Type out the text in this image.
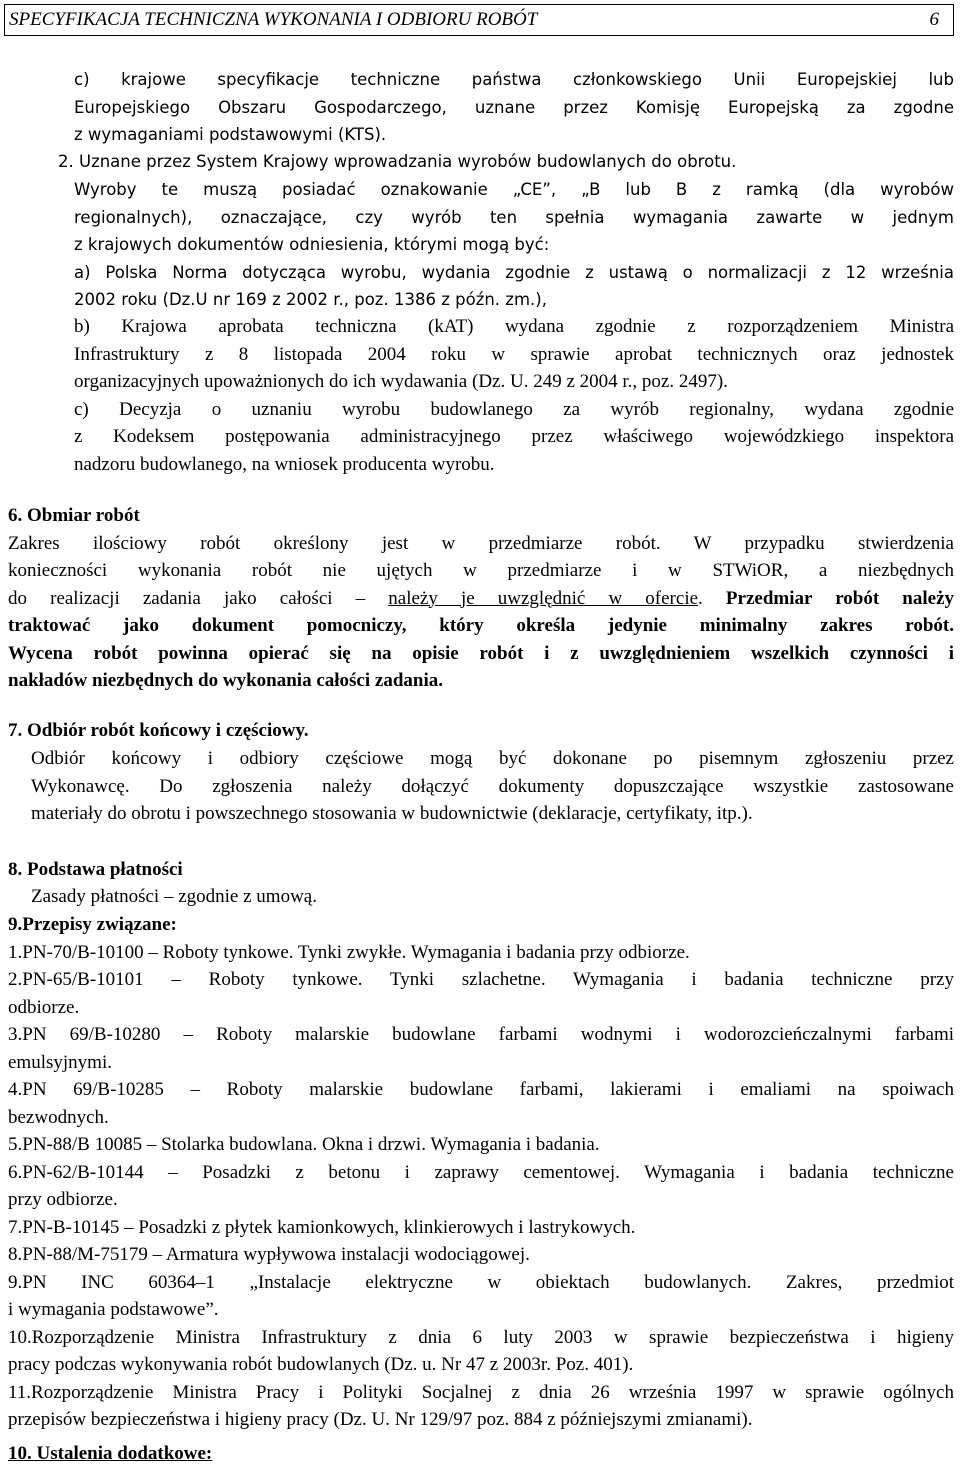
SPECYFIKACJA TECHNICZNA WYKONANIA I ODBIORU ROBÓT	6

c) krajowe specyfikacje techniczne państwa członkowskiego Unii Europejskiej lub

Europejskiego Obszaru Gospodarczego, uznane przez Komisję Europejską za zgodne

z wymaganiami podstawowymi (KTS).

2. Uznane przez System Krajowy wprowadzania wyrobów budowlanych do obrotu.

Wyroby te muszą posiadać oznakowanie „CE”, „B lub B z ramką (dla wyrobów

regionalnych), oznaczające, czy wyrób ten spełnia wymagania zawarte w jednym

z krajowych dokumentów odniesienia, którymi mogą być:

a) Polska Norma dotycząca wyrobu, wydania zgodnie z ustawą o normalizacji z 12 września

2002 roku (Dz.U nr 169 z 2002 r., poz. 1386 z późn. zm.),

b) Krajowa aprobata techniczna (kAT) wydana zgodnie z rozporządzeniem Ministra

Infrastruktury z 8 listopada 2004 roku w sprawie aprobat technicznych oraz jednostek

organizacyjnych upoważnionych do ich wydawania (Dz. U. 249 z 2004 r., poz. 2497).

c) Decyzja o uznaniu wyrobu budowlanego za wyrób regionalny, wydana zgodnie

z Kodeksem postępowania administracyjnego przez właściwego wojewódzkiego inspektora

nadzoru budowlanego, na wniosek producenta wyrobu.

6. Obmiar robót

Zakres ilościowy robót określony jest w przedmiarze robót. W przypadku stwierdzenia

konieczności wykonania robót nie ujętych w przedmiarze i w STWiOR, a niezbędnych

do realizacji zadania jako całości – należy je uwzględnić w ofercie. Przedmiar robót należy

traktować jako dokument pomocniczy, który określa jedynie minimalny zakres robót.

Wycena robót powinna opierać się na opisie robót i z uwzględnieniem wszelkich czynności i

nakładów niezbędnych do wykonania całości zadania.

7. Odbiór robót końcowy i częściowy.

Odbiór końcowy i odbiory częściowe mogą być dokonane po pisemnym zgłoszeniu przez

Wykonawcę. Do zgłoszenia należy dołączyć dokumenty dopuszczające wszystkie zastosowane

materiały do obrotu i powszechnego stosowania w budownictwie (deklaracje, certyfikaty, itp.).

8. Podstawa płatności

Zasady płatności – zgodnie z umową.

9.Przepisy związane:

1.PN-70/B-10100 – Roboty tynkowe. Tynki zwykłe. Wymagania i badania przy odbiorze.

2.PN-65/B-10101 – Roboty tynkowe. Tynki szlachetne. Wymagania i badania techniczne przy

odbiorze.

3.PN 69/B-10280 – Roboty malarskie budowlane farbami wodnymi i wodorozcieńczalnymi farbami

emulsyjnymi.

4.PN 69/B-10285 – Roboty malarskie budowlane farbami, lakierami i emaliami na spoiwach

bezwodnych.

5.PN-88/B 10085 – Stolarka budowlana. Okna i drzwi. Wymagania i badania.

6.PN-62/B-10144 – Posadzki z betonu i zaprawy cementowej. Wymagania i badania techniczne

przy odbiorze.

7.PN-B-10145 – Posadzki z płytek kamionkowych, klinkierowych i lastrykowych.

8.PN-88/M-75179 – Armatura wypływowa instalacji wodociągowej.

9.PN INC 60364–1 „Instalacje elektryczne w obiektach budowlanych. Zakres, przedmiot

i wymagania podstawowe”.

10.Rozporządzenie Ministra Infrastruktury z dnia 6 luty 2003 w sprawie bezpieczeństwa i higieny

pracy podczas wykonywania robót budowlanych (Dz. u. Nr 47 z 2003r. Poz. 401).

11.Rozporządzenie Ministra Pracy i Polityki Socjalnej z dnia 26 września 1997 w sprawie ogólnych

przepisów bezpieczeństwa i higieny pracy (Dz. U. Nr 129/97 poz. 884 z późniejszymi zmianami).

10. Ustalenia dodatkowe:
